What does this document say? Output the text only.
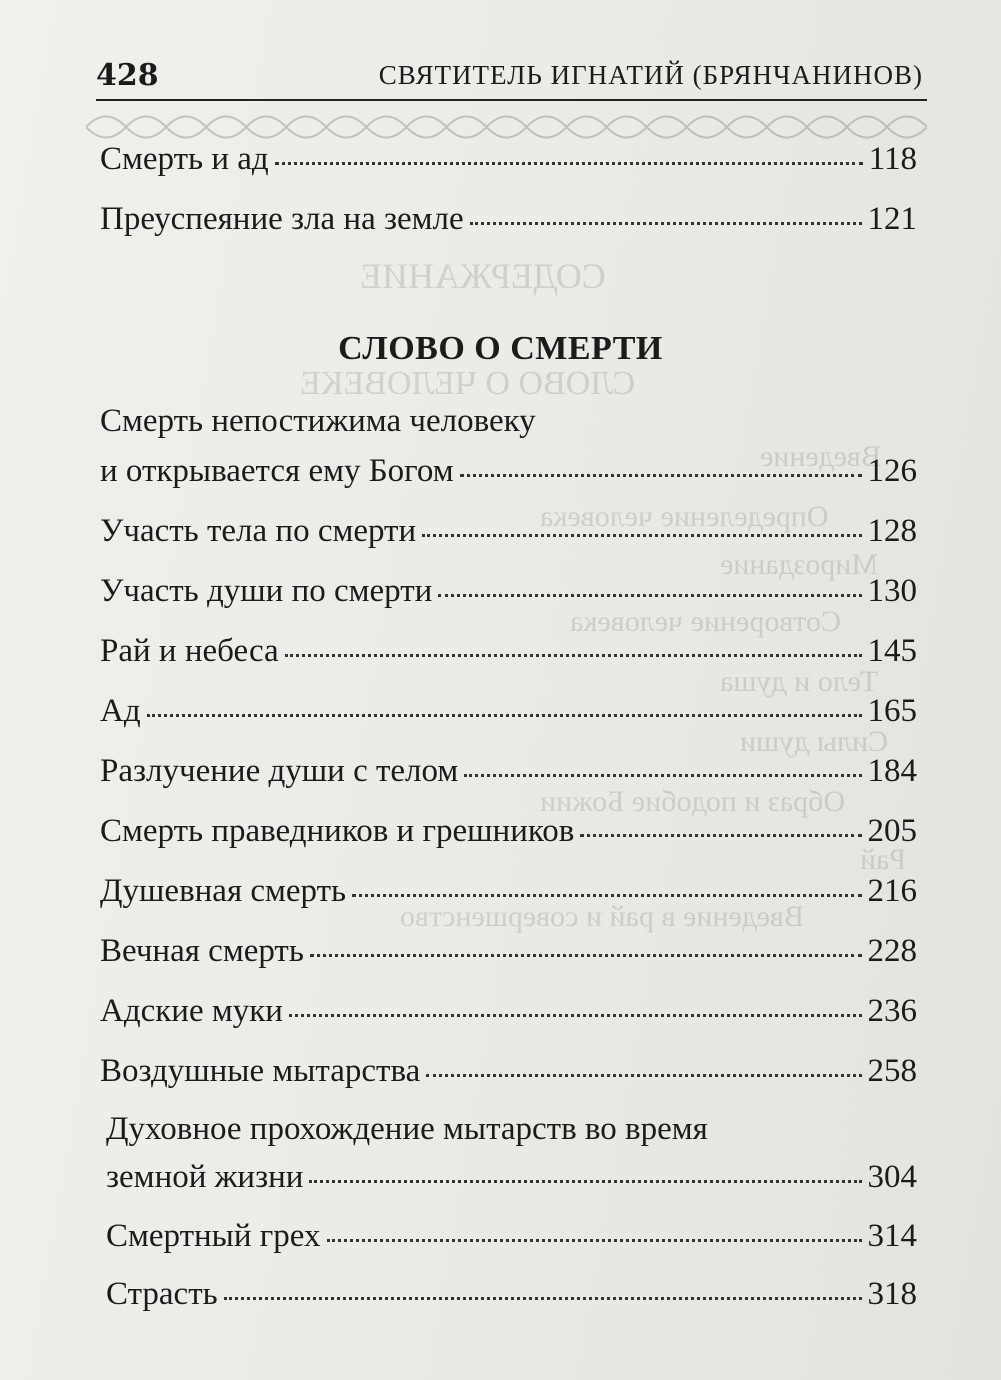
СОДЕРЖАНИЕ
СЛОВО О ЧЕЛОВЕКЕ
Введение
Определение человека
Мироздание
Сотворение человека
Тело и душа
Силы души
Образ и подобие Божии
Рай
Введение в рай и совершенство
428	СВЯТИТЕЛЬ ИГНАТИЙ (БРЯНЧАНИНОВ)
Смерть и ад	118
Преуспеяние зла на земле	121
СЛОВО О СМЕРТИ
Смерть непостижима человеку
и открывается ему Богом	126
Участь тела по смерти	128
Участь души по смерти	130
Рай и небеса	145
Ад	165
Разлучение души с телом	184
Смерть праведников и грешников	205
Душевная смерть	216
Вечная смерть	228
Адские муки	236
Воздушные мытарства	258
Духовное прохождение мытарств во время
земной жизни	304
Смертный грех	314
Страсть	318
